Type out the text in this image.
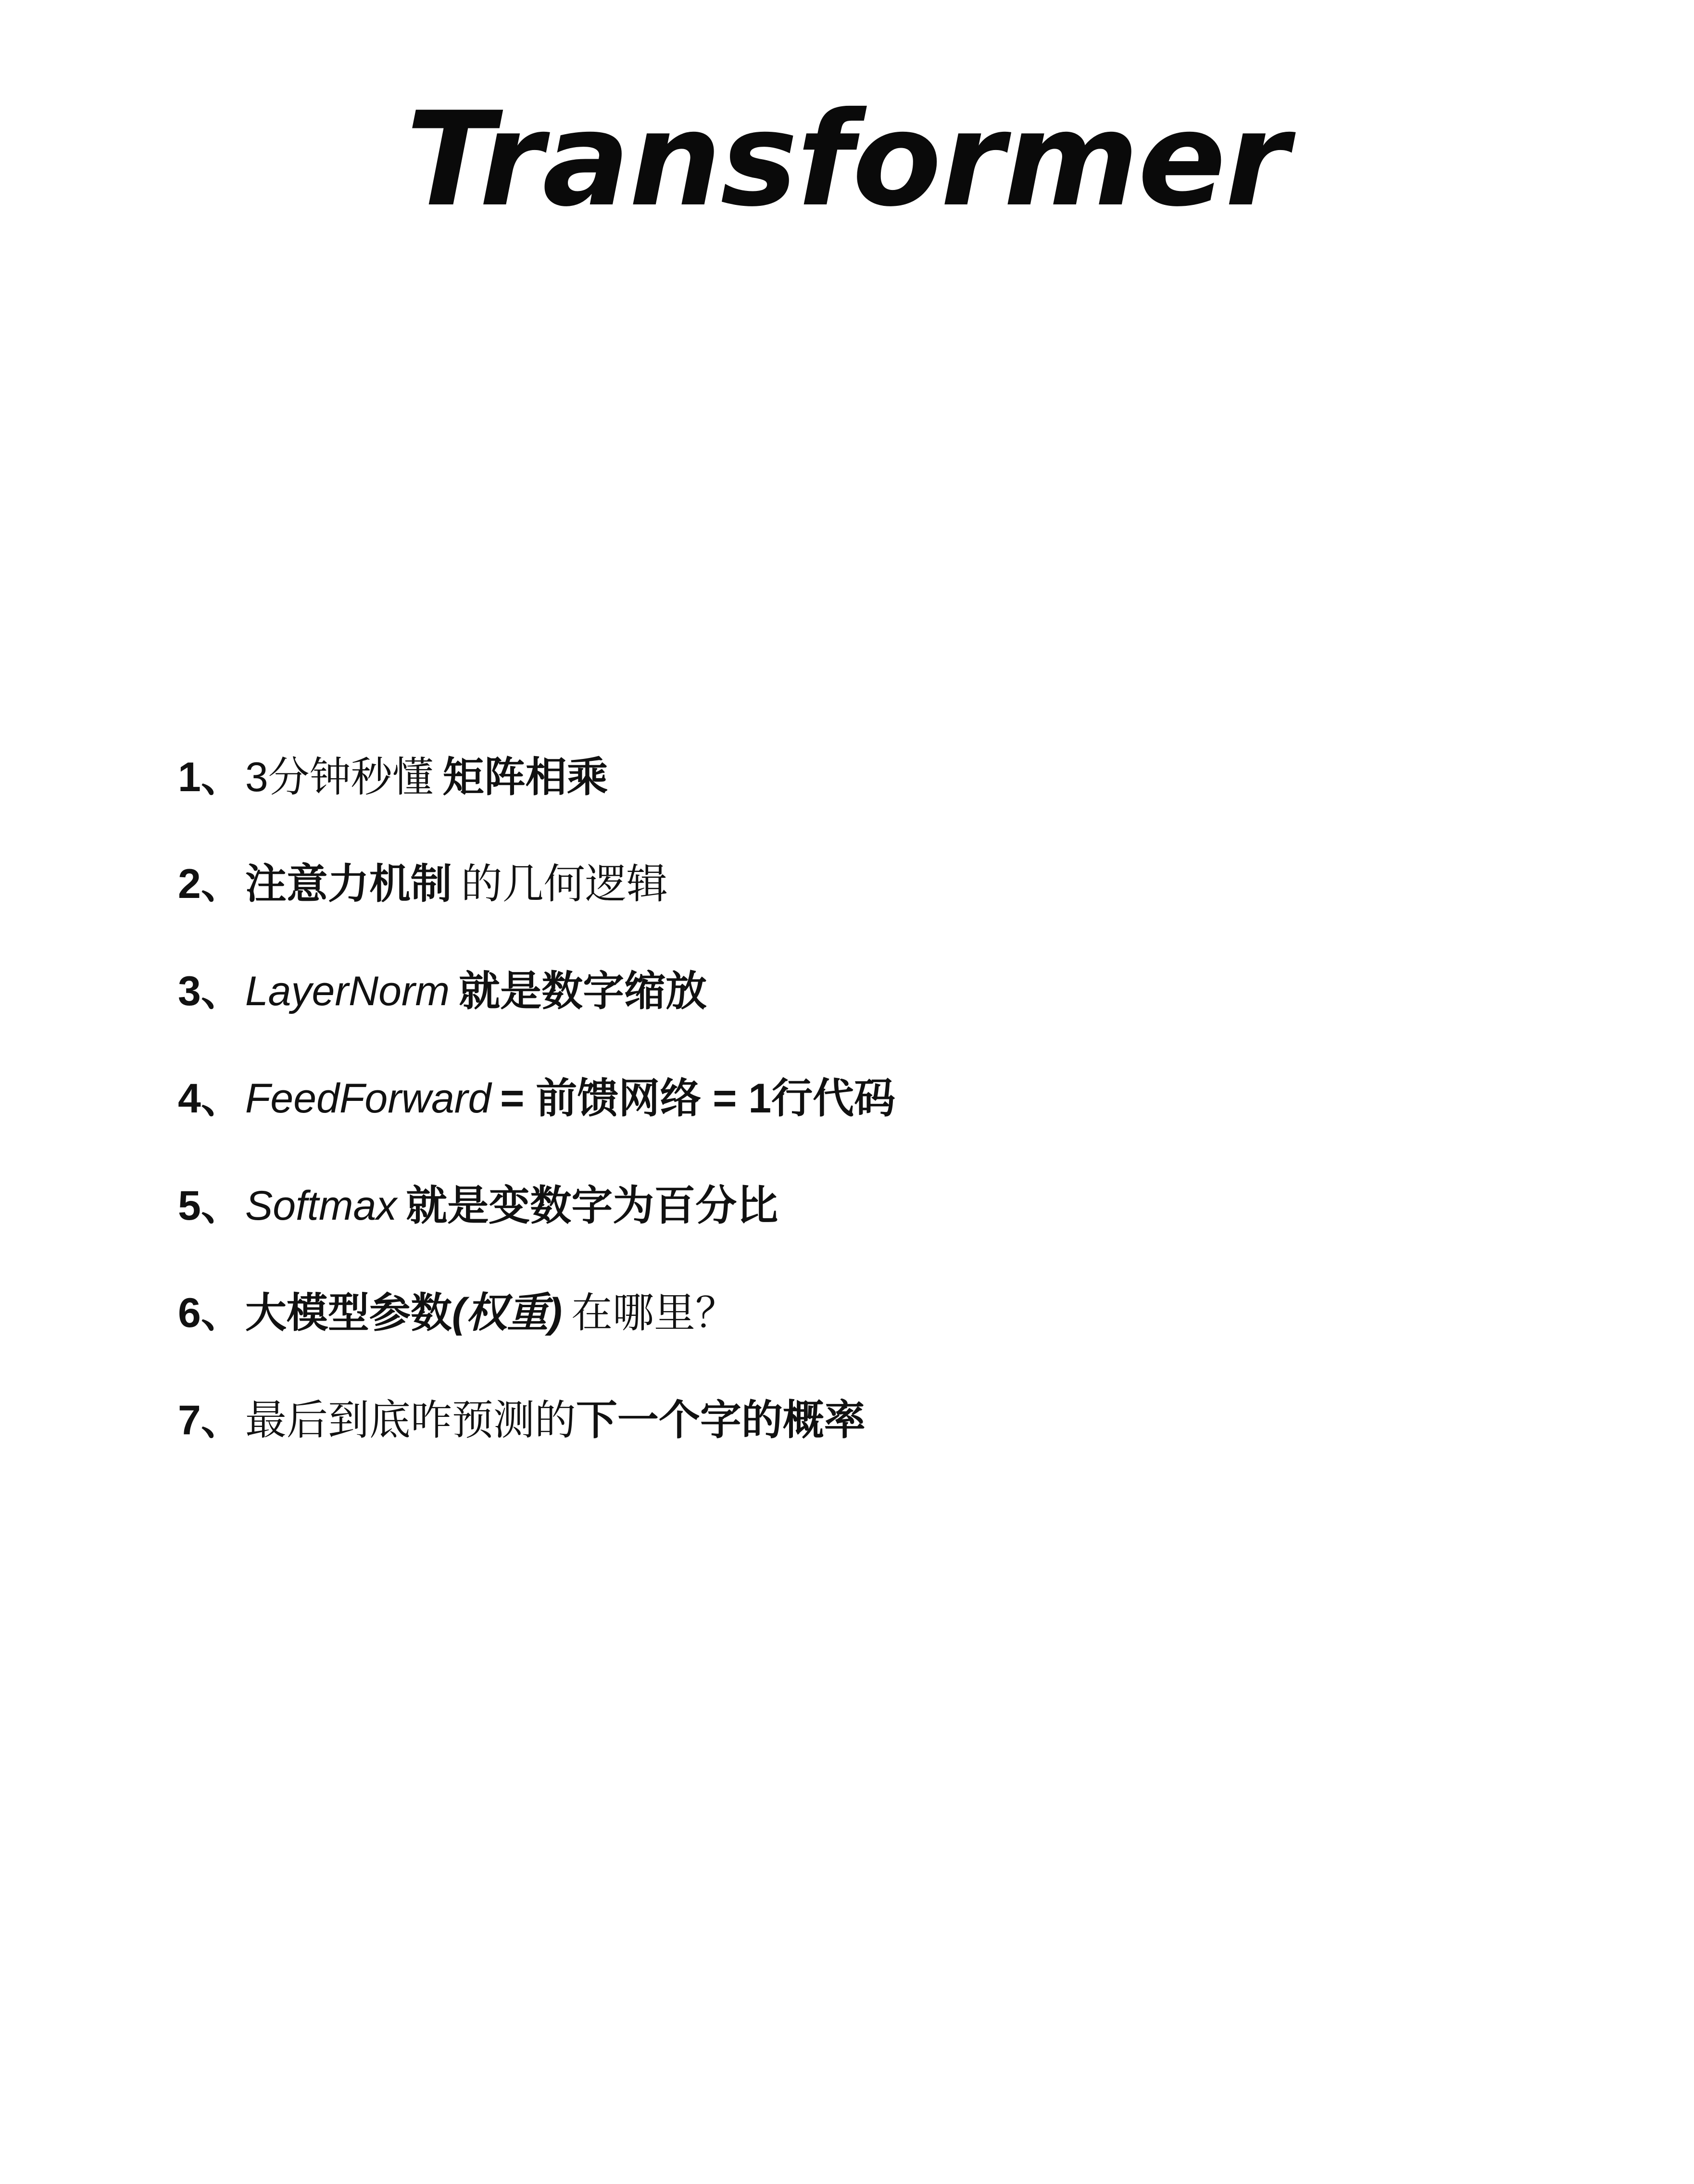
Transformer
1、 3分钟秒懂 矩阵相乘
2、 注意力机制 的几何逻辑
3、 LayerNorm 就是数字缩放
4、 FeedForward = 前馈网络 = 1行代码
5、 Softmax 就是变数字为百分比
6、 大模型参数(权重) 在哪里？
7、 最后到底咋预测的下一个字的概率
